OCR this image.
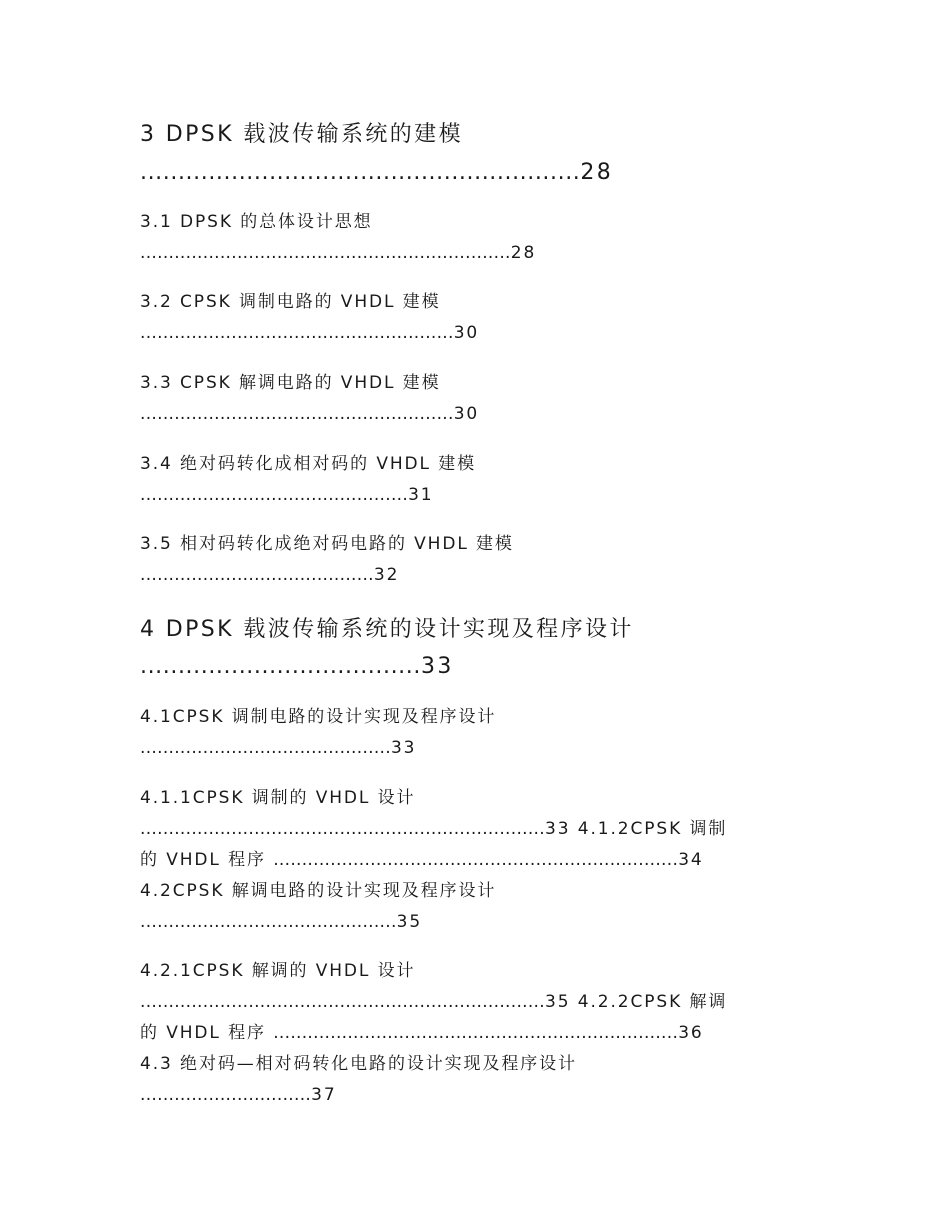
3 DPSK 载波传输系统的建模
..........................................................28
3.1 DPSK 的总体设计思想
.................................................................28
3.2 CPSK 调制电路的 VHDL 建模
.......................................................30
3.3 CPSK 解调电路的 VHDL 建模
.......................................................30
3.4 绝对码转化成相对码的 VHDL 建模
...............................................31
3.5 相对码转化成绝对码电路的 VHDL 建模
.........................................32
4 DPSK 载波传输系统的设计实现及程序设计
.....................................33
4.1CPSK 调制电路的设计实现及程序设计
............................................33
4.1.1CPSK 调制的 VHDL 设计
.......................................................................33 4.1.2CPSK 调制
的 VHDL 程序 .......................................................................34
4.2CPSK 解调电路的设计实现及程序设计
.............................................35
4.2.1CPSK 解调的 VHDL 设计
.......................................................................35 4.2.2CPSK 解调
的 VHDL 程序 .......................................................................36
4.3 绝对码—相对码转化电路的设计实现及程序设计
..............................37
